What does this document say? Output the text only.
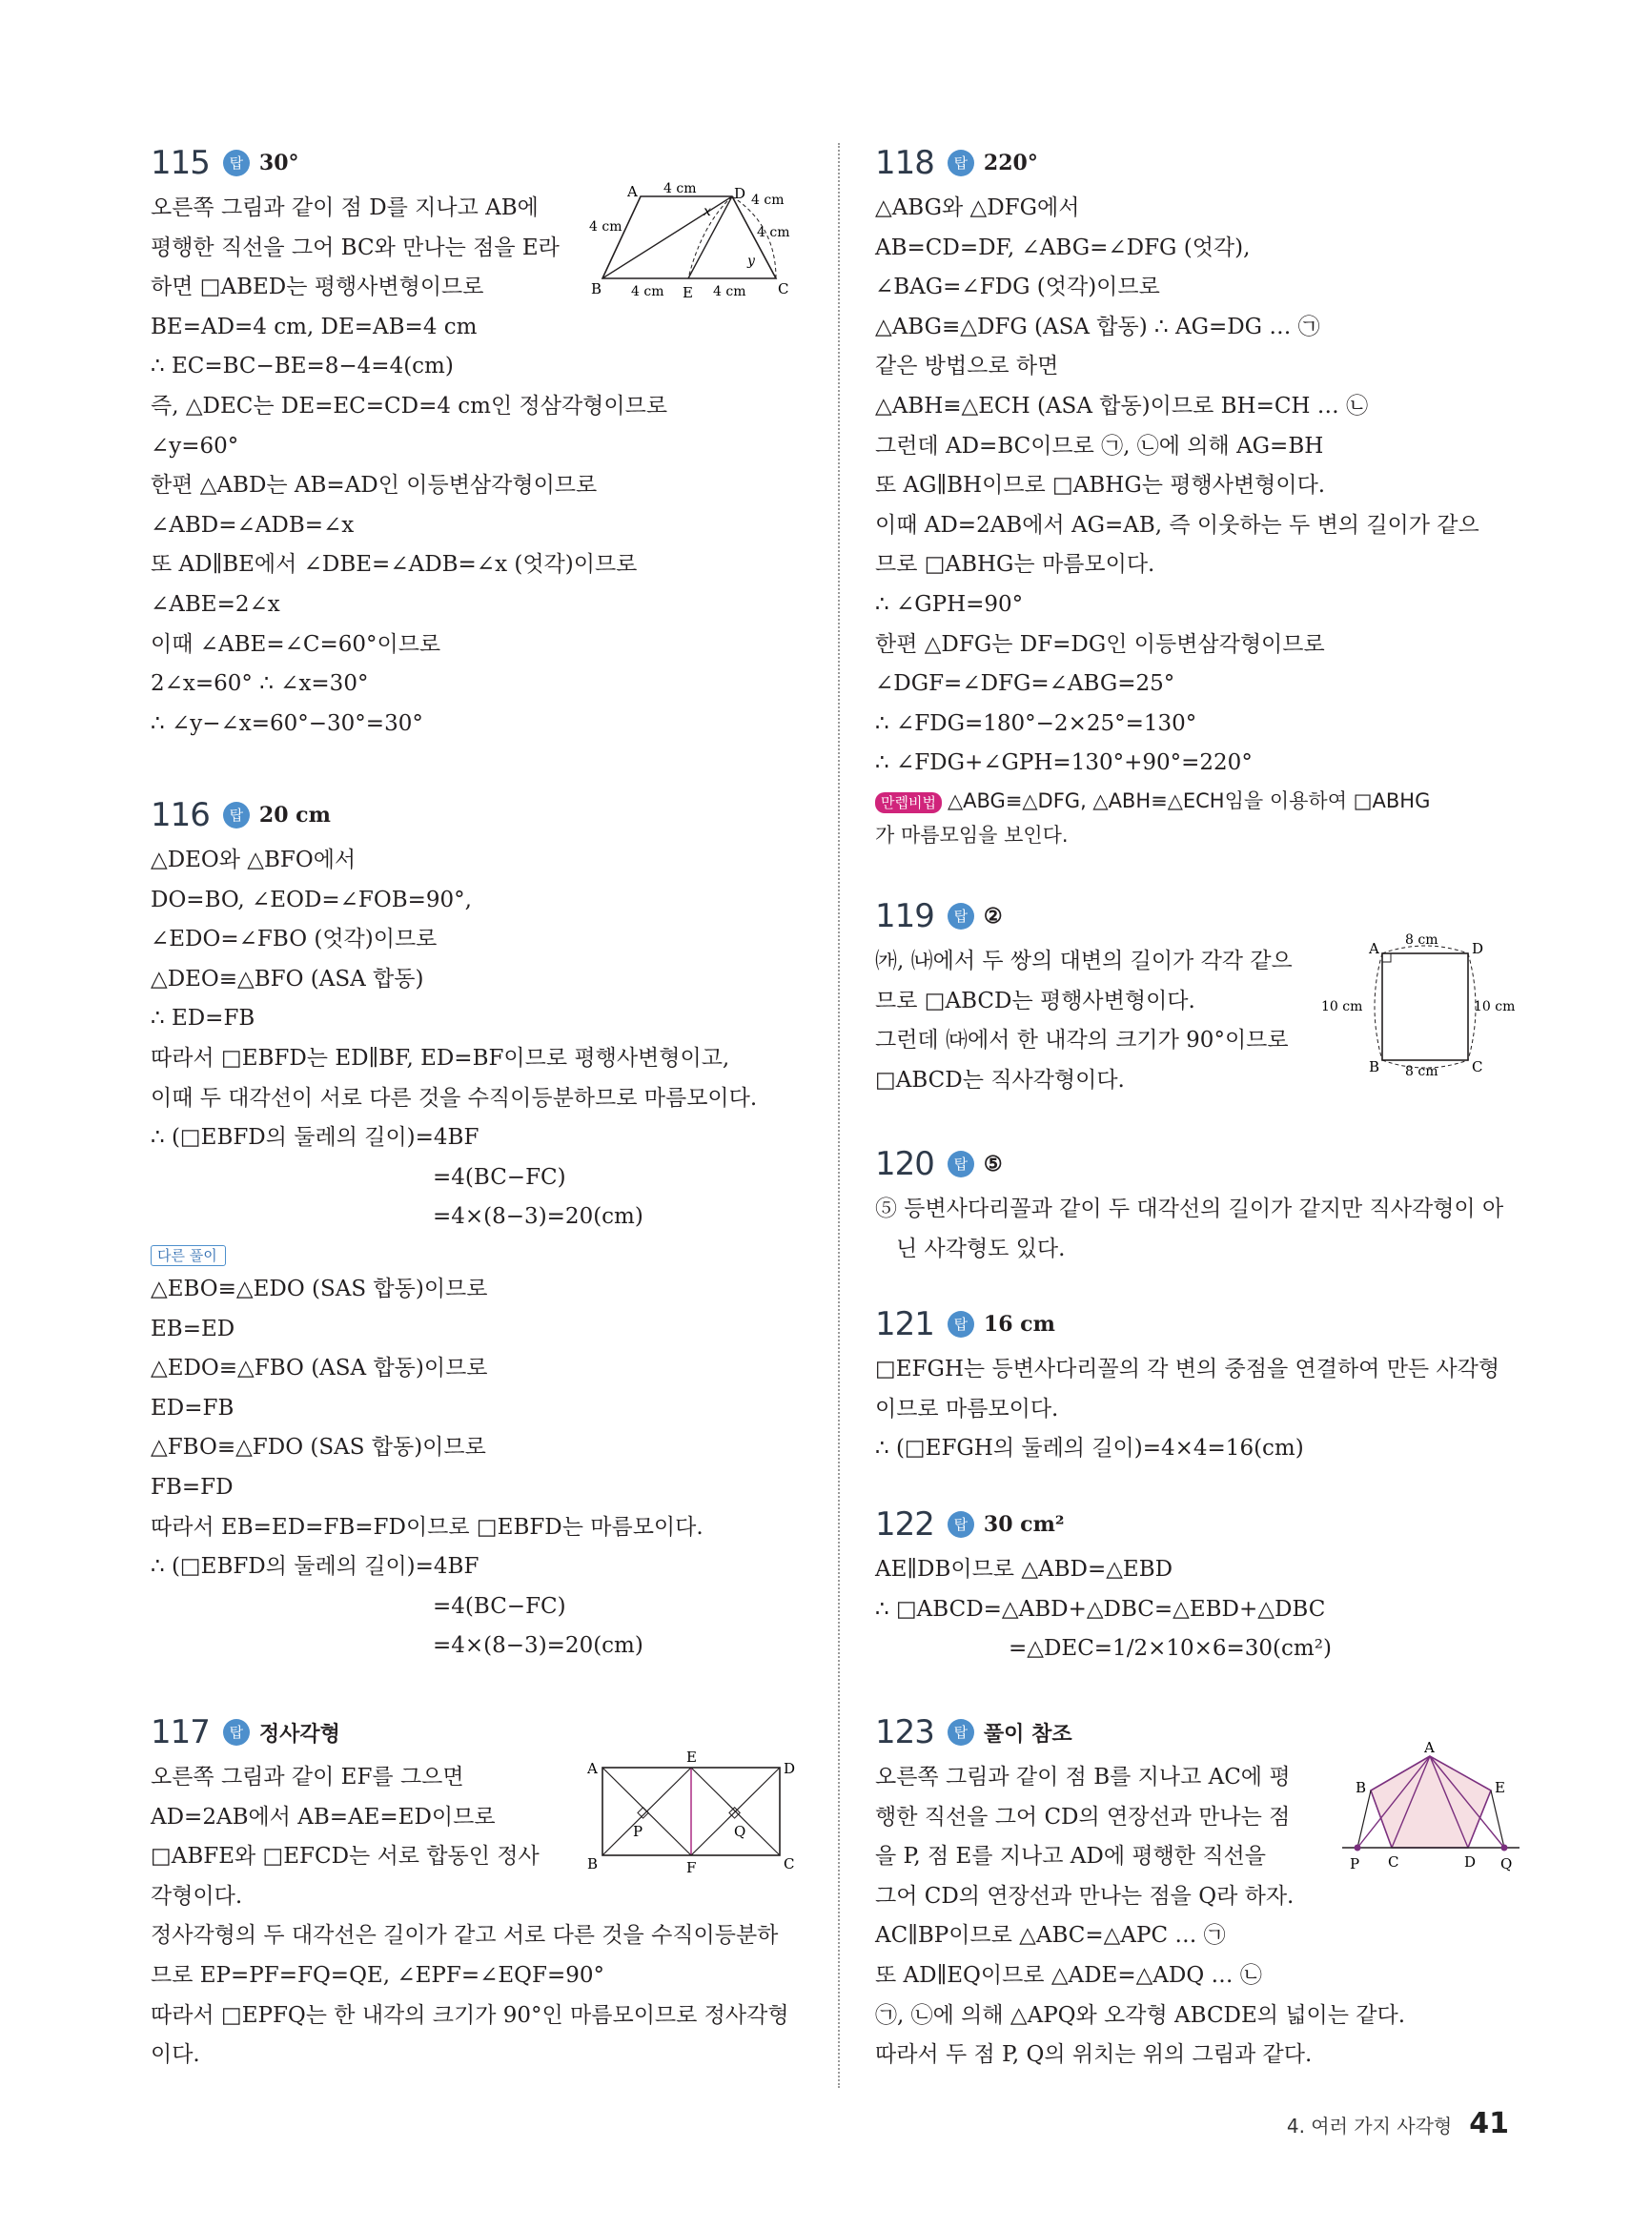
115	탑 30°
오른쪽 그림과 같이 점 D를 지나고 AB에
평행한 직선을 그어 BC와 만나는 점을 E라
하면 □ABED는 평행사변형이므로
BE=AD=4 cm, DE=AB=4 cm
∴ EC=BC−BE=8−4=4(cm)
즉, △DEC는 DE=EC=CD=4 cm인 정삼각형이므로
∠y=60°
한편 △ABD는 AB=AD인 이등변삼각형이므로
∠ABD=∠ADB=∠x
또 AD∥BE에서 ∠DBE=∠ADB=∠x (엇각)이므로
∠ABE=2∠x
이때 ∠ABE=∠C=60°이므로
2∠x=60° ∴ ∠x=30°
∴ ∠y−∠x=60°−30°=30°
A	D
B	C
E
x
y
4 cm
4 cm
4 cm
4 cm
4 cm	4 cm
116	탑 20 cm
△DEO와 △BFO에서
DO=BO, ∠EOD=∠FOB=90°,
∠EDO=∠FBO (엇각)이므로
△DEO≡△BFO (ASA 합동)
∴ ED=FB
따라서 □EBFD는 ED∥BF, ED=BF이므로 평행사변형이고,
이때 두 대각선이 서로 다른 것을 수직이등분하므로 마름모이다.
∴ (□EBFD의 둘레의 길이)=4BF
=4(BC−FC)
=4×(8−3)=20(cm)
다른 풀이
△EBO≡△EDO (SAS 합동)이므로
EB=ED
△EDO≡△FBO (ASA 합동)이므로
ED=FB
△FBO≡△FDO (SAS 합동)이므로
FB=FD
따라서 EB=ED=FB=FD이므로 □EBFD는 마름모이다.
∴ (□EBFD의 둘레의 길이)=4BF
=4(BC−FC)
=4×(8−3)=20(cm)
117	탑 정사각형
오른쪽 그림과 같이 EF를 그으면
AD=2AB에서 AB=AE=ED이므로
□ABFE와 □EFCD는 서로 합동인 정사
각형이다.
정사각형의 두 대각선은 길이가 같고 서로 다른 것을 수직이등분하
므로 EP=PF=FQ=QE, ∠EPF=∠EQF=90°
따라서 □EPFQ는 한 내각의 크기가 90°인 마름모이므로 정사각형
이다.
A
E
D
B	F	C
P	Q
118	탑 220°
△ABG와 △DFG에서
AB=CD=DF, ∠ABG=∠DFG (엇각),
∠BAG=∠FDG (엇각)이므로
△ABG≡△DFG (ASA 합동) ∴ AG=DG … ㉠
같은 방법으로 하면
△ABH≡△ECH (ASA 합동)이므로 BH=CH … ㉡
그런데 AD=BC이므로 ㉠, ㉡에 의해 AG=BH
또 AG∥BH이므로 □ABHG는 평행사변형이다.
이때 AD=2AB에서 AG=AB, 즉 이웃하는 두 변의 길이가 같으
므로 □ABHG는 마름모이다.
∴ ∠GPH=90°
한편 △DFG는 DF=DG인 이등변삼각형이므로
∠DGF=∠DFG=∠ABG=25°
∴ ∠FDG=180°−2×25°=130°
∴ ∠FDG+∠GPH=130°+90°=220°
만렙비법 △ABG≡△DFG, △ABH≡△ECH임을 이용하여 □ABHG
가 마름모임을 보인다.
119	탑 ②
㈎, ㈏에서 두 쌍의 대변의 길이가 각각 같으
므로 □ABCD는 평행사변형이다.
그런데 ㈐에서 한 내각의 크기가 90°이므로
□ABCD는 직사각형이다.
A	D
B	C
8 cm
8 cm
10 cm	10 cm
120	탑 ⑤
⑤ 등변사다리꼴과 같이 두 대각선의 길이가 같지만 직사각형이 아
닌 사각형도 있다.
121	탑 16 cm
□EFGH는 등변사다리꼴의 각 변의 중점을 연결하여 만든 사각형
이므로 마름모이다.
∴ (□EFGH의 둘레의 길이)=4×4=16(cm)
122	탑 30 cm²
AE∥DB이므로 △ABD=△EBD
∴ □ABCD=△ABD+△DBC=△EBD+△DBC
=△DEC=1/2×10×6=30(cm²)
123	탑 풀이 참조
오른쪽 그림과 같이 점 B를 지나고 AC에 평
행한 직선을 그어 CD의 연장선과 만나는 점
을 P, 점 E를 지나고 AD에 평행한 직선을
그어 CD의 연장선과 만나는 점을 Q라 하자.
AC∥BP이므로 △ABC=△APC … ㉠
또 AD∥EQ이므로 △ADE=△ADQ … ㉡
㉠, ㉡에 의해 △APQ와 오각형 ABCDE의 넓이는 같다.
따라서 두 점 P, Q의 위치는 위의 그림과 같다.
A
B	E
C	D
P	Q
4. 여러 가지 사각형 41
